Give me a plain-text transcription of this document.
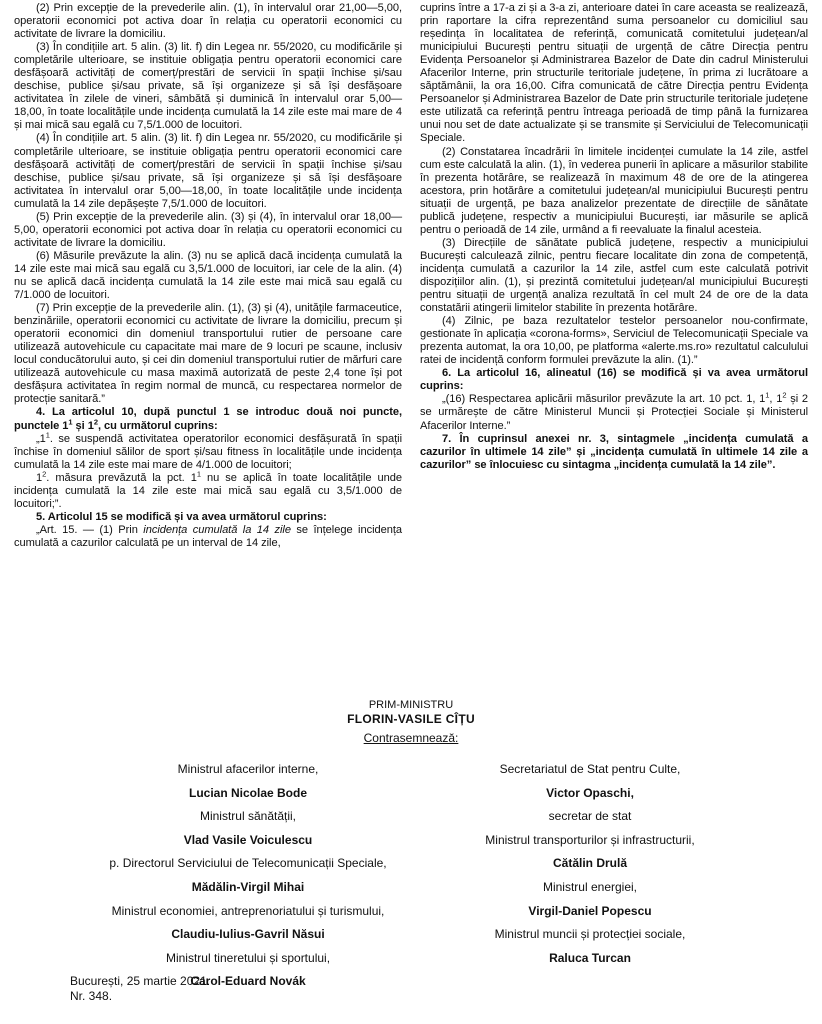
(2) Prin excepție de la prevederile alin. (1), în intervalul orar 21,00—5,00, operatorii economici pot activa doar în relația cu operatorii economici cu activitate de livrare la domiciliu.

(3) În condițiile art. 5 alin. (3) lit. f) din Legea nr. 55/2020, cu modificările și completările ulterioare, se instituie obligația pentru operatorii economici care desfășoară activități de comerț/prestări de servicii în spații închise și/sau deschise, publice și/sau private, să își organizeze și să își desfășoare activitatea în zilele de vineri, sâmbătă și duminică în intervalul orar 5,00—18,00, în toate localitățile unde incidența cumulată la 14 zile este mai mare de 4 și mai mică sau egală cu 7,5/1.000 de locuitori.

(4) În condițiile art. 5 alin. (3) lit. f) din Legea nr. 55/2020, cu modificările și completările ulterioare, se instituie obligația pentru operatorii economici care desfășoară activități de comerț/prestări de servicii în spații închise și/sau deschise, publice și/sau private, să își organizeze și să își desfășoare activitatea în intervalul orar 5,00—18,00, în toate localitățile unde incidența cumulată la 14 zile depășește 7,5/1.000 de locuitori.

(5) Prin excepție de la prevederile alin. (3) și (4), în intervalul orar 18,00—5,00, operatorii economici pot activa doar în relația cu operatorii economici cu activitate de livrare la domiciliu.

(6) Măsurile prevăzute la alin. (3) nu se aplică dacă incidența cumulată la 14 zile este mai mică sau egală cu 3,5/1.000 de locuitori, iar cele de la alin. (4) nu se aplică dacă incidența cumulată la 14 zile este mai mică sau egală cu 7/1.000 de locuitori.

(7) Prin excepție de la prevederile alin. (1), (3) și (4), unitățile farmaceutice, benzinăriile, operatorii economici cu activitate de livrare la domiciliu, precum și operatorii economici din domeniul transportului rutier de persoane care utilizează autovehicule cu capacitate mai mare de 9 locuri pe scaune, inclusiv locul conducătorului auto, și cei din domeniul transportului rutier de mărfuri care utilizează autovehicule cu masa maximă autorizată de peste 2,4 tone își pot desfășura activitatea în regim normal de muncă, cu respectarea normelor de protecție sanitară.”

4. La articolul 10, după punctul 1 se introduc două noi puncte, punctele $1^1$ și $1^2$, cu următorul cuprins:

$„1^1$. se suspendă activitatea operatorilor economici desfășurată în spații închise în domeniul sălilor de sport și/sau fitness în localitățile unde incidența cumulată la 14 zile este mai mare de 4/1.000 de locuitori;

$1^2$. măsura prevăzută la pct. $1^1$ nu se aplică în toate localitățile unde incidența cumulată la 14 zile este mai mică sau egală cu 3,5/1.000 de locuitori;”.

5. Articolul 15 se modifică și va avea următorul cuprins:

„Art. 15. — (1) Prin incidența cumulată la 14 zile se înțelege incidența cumulată a cazurilor calculată pe un interval de 14 zile,

cuprins între a 17-a zi și a 3-a zi, anterioare datei în care aceasta se realizează, prin raportare la cifra reprezentând suma persoanelor cu domiciliul sau reședința în localitatea de referință, comunicată comitetului județean/al municipiului București pentru situații de urgență de către Direcția pentru Evidența Persoanelor și Administrarea Bazelor de Date din cadrul Ministerului Afacerilor Interne, prin structurile teritoriale județene, în prima zi lucrătoare a săptămânii, la ora 16,00. Cifra comunicată de către Direcția pentru Evidența Persoanelor și Administrarea Bazelor de Date prin structurile teritoriale județene este utilizată ca referință pentru întreaga perioadă de timp până la furnizarea unui nou set de date actualizate și se transmite și Serviciului de Telecomunicații Speciale.

(2) Constatarea încadrării în limitele incidenței cumulate la 14 zile, astfel cum este calculată la alin. (1), în vederea punerii în aplicare a măsurilor stabilite în prezenta hotărâre, se realizează în maximum 48 de ore de la atingerea acestora, prin hotărâre a comitetului județean/al municipiului București pentru situații de urgență, pe baza analizelor prezentate de direcțiile de sănătate publică județene, respectiv a municipiului București, iar măsurile se aplică pentru o perioadă de 14 zile, urmând a fi reevaluate la finalul acesteia.

(3) Direcțiile de sănătate publică județene, respectiv a municipiului București calculează zilnic, pentru fiecare localitate din zona de competență, incidența cumulată a cazurilor la 14 zile, astfel cum este calculată potrivit dispozițiilor alin. (1), și prezintă comitetului județean/al municipiului București pentru situații de urgență analiza rezultată în cel mult 24 de ore de la data constatării atingerii limitelor stabilite în prezenta hotărâre.

(4) Zilnic, pe baza rezultatelor testelor persoanelor nou-confirmate, gestionate în aplicația «corona-forms», Serviciul de Telecomunicații Speciale va prezenta automat, la ora 10,00, pe platforma «alerte.ms.ro» rezultatul calculului ratei de incidență conform formulei prevăzute la alin. (1).”

6. La articolul 16, alineatul (16) se modifică și va avea următorul cuprins:

„(16) Respectarea aplicării măsurilor prevăzute la art. 10 pct. 1, $1^1$, $1^2$ și 2 se urmărește de către Ministerul Muncii și Protecției Sociale și Ministerul Afacerilor Interne.”

7. În cuprinsul anexei nr. 3, sintagmele „incidența cumulată a cazurilor în ultimele 14 zile” și „incidența cumulată în ultimele 14 zile a cazurilor” se înlocuiesc cu sintagma „incidența cumulată la 14 zile”.

PRIM-MINISTRU
FLORIN-VASILE CÎȚU
Contrasemnează:
Ministrul afacerilor interne,
Lucian Nicolae Bode
Ministrul sănătății,
Vlad Vasile Voiculescu
p. Directorul Serviciului de Telecomunicații Speciale,
Mădălin-Virgil Mihai
Ministrul economiei, antreprenoriatului și turismului,
Claudiu-Iulius-Gavril Năsui
Ministrul tineretului și sportului,
Carol-Eduard Novák
Secretariatul de Stat pentru Culte,
Victor Opaschi,
secretar de stat
Ministrul transporturilor și infrastructurii,
Cătălin Drulă
Ministrul energiei,
Virgil-Daniel Popescu
Ministrul muncii și protecției sociale,
Raluca Turcan
București, 25 martie 2021.
Nr. 348.
